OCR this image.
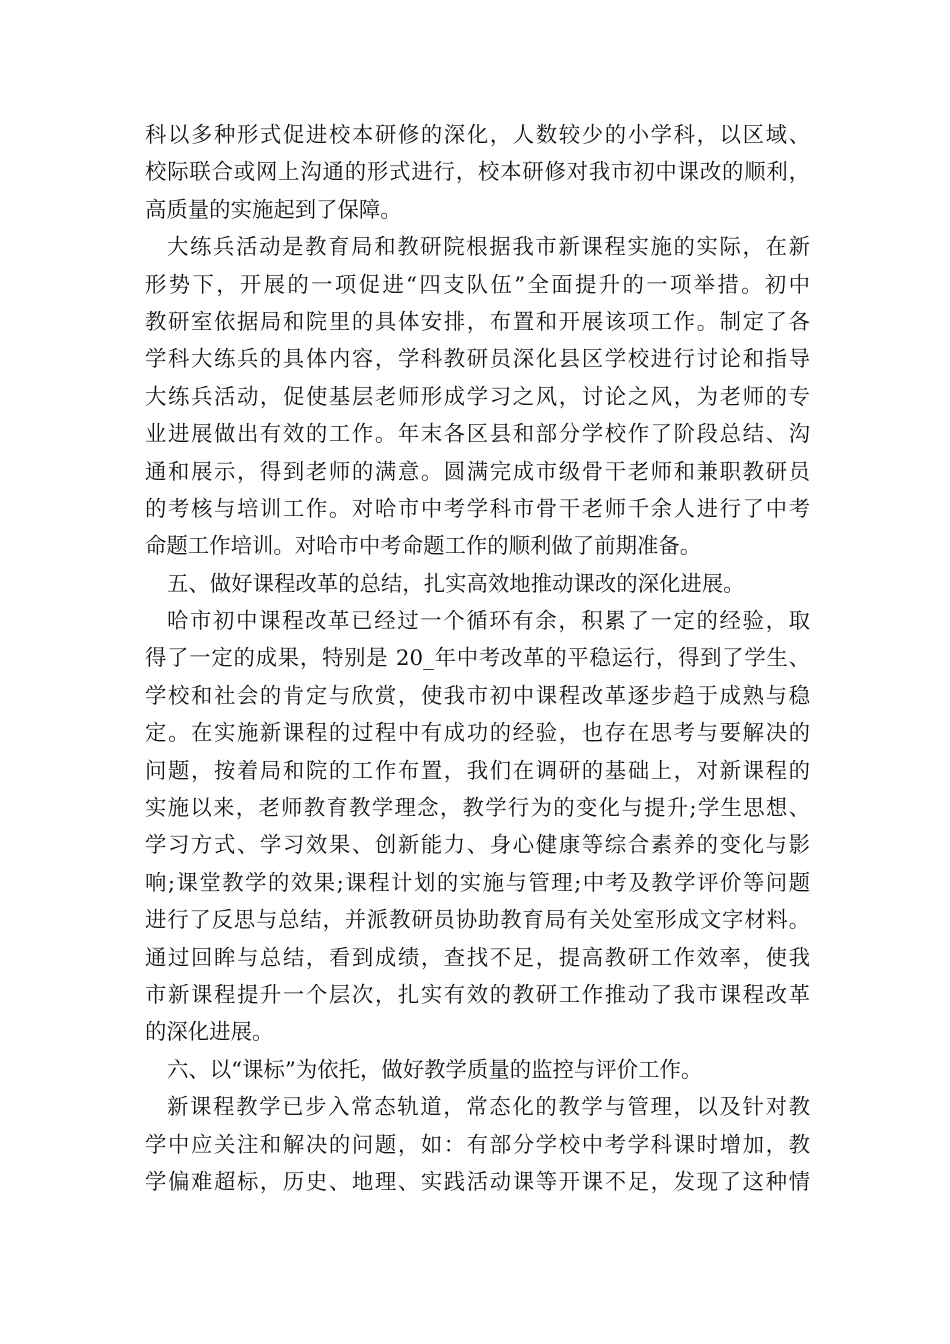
科以多种形式促进校本研修的深化，人数较少的小学科，以区域、
校际联合或网上沟通的形式进行，校本研修对我市初中课改的顺利，
高质量的实施起到了保障。
大练兵活动是教育局和教研院根据我市新课程实施的实际，在新
形势下，开展的一项促进“四支队伍”全面提升的一项举措。初中
教研室依据局和院里的具体安排，布置和开展该项工作。制定了各
学科大练兵的具体内容，学科教研员深化县区学校进行讨论和指导
大练兵活动，促使基层老师形成学习之风，讨论之风，为老师的专
业进展做出有效的工作。年末各区县和部分学校作了阶段总结、沟
通和展示，得到老师的满意。圆满完成市级骨干老师和兼职教研员
的考核与培训工作。对哈市中考学科市骨干老师千余人进行了中考
命题工作培训。对哈市中考命题工作的顺利做了前期准备。
五、做好课程改革的总结，扎实高效地推动课改的深化进展。
哈市初中课程改革已经过一个循环有余，积累了一定的经验，取
得了一定的成果，特别是 20_年中考改革的平稳运行，得到了学生、
学校和社会的肯定与欣赏，使我市初中课程改革逐步趋于成熟与稳
定。在实施新课程的过程中有成功的经验，也存在思考与要解决的
问题，按着局和院的工作布置，我们在调研的基础上，对新课程的
实施以来，老师教育教学理念，教学行为的变化与提升;学生思想、
学习方式、学习效果、创新能力、身心健康等综合素养的变化与影
响;课堂教学的效果;课程计划的实施与管理;中考及教学评价等问题
进行了反思与总结，并派教研员协助教育局有关处室形成文字材料。
通过回眸与总结，看到成绩，查找不足，提高教研工作效率，使我
市新课程提升一个层次，扎实有效的教研工作推动了我市课程改革
的深化进展。
六、以“课标”为依托，做好教学质量的监控与评价工作。
新课程教学已步入常态轨道，常态化的教学与管理，以及针对教
学中应关注和解决的问题，如：有部分学校中考学科课时增加，教
学偏难超标，历史、地理、实践活动课等开课不足，发现了这种情
